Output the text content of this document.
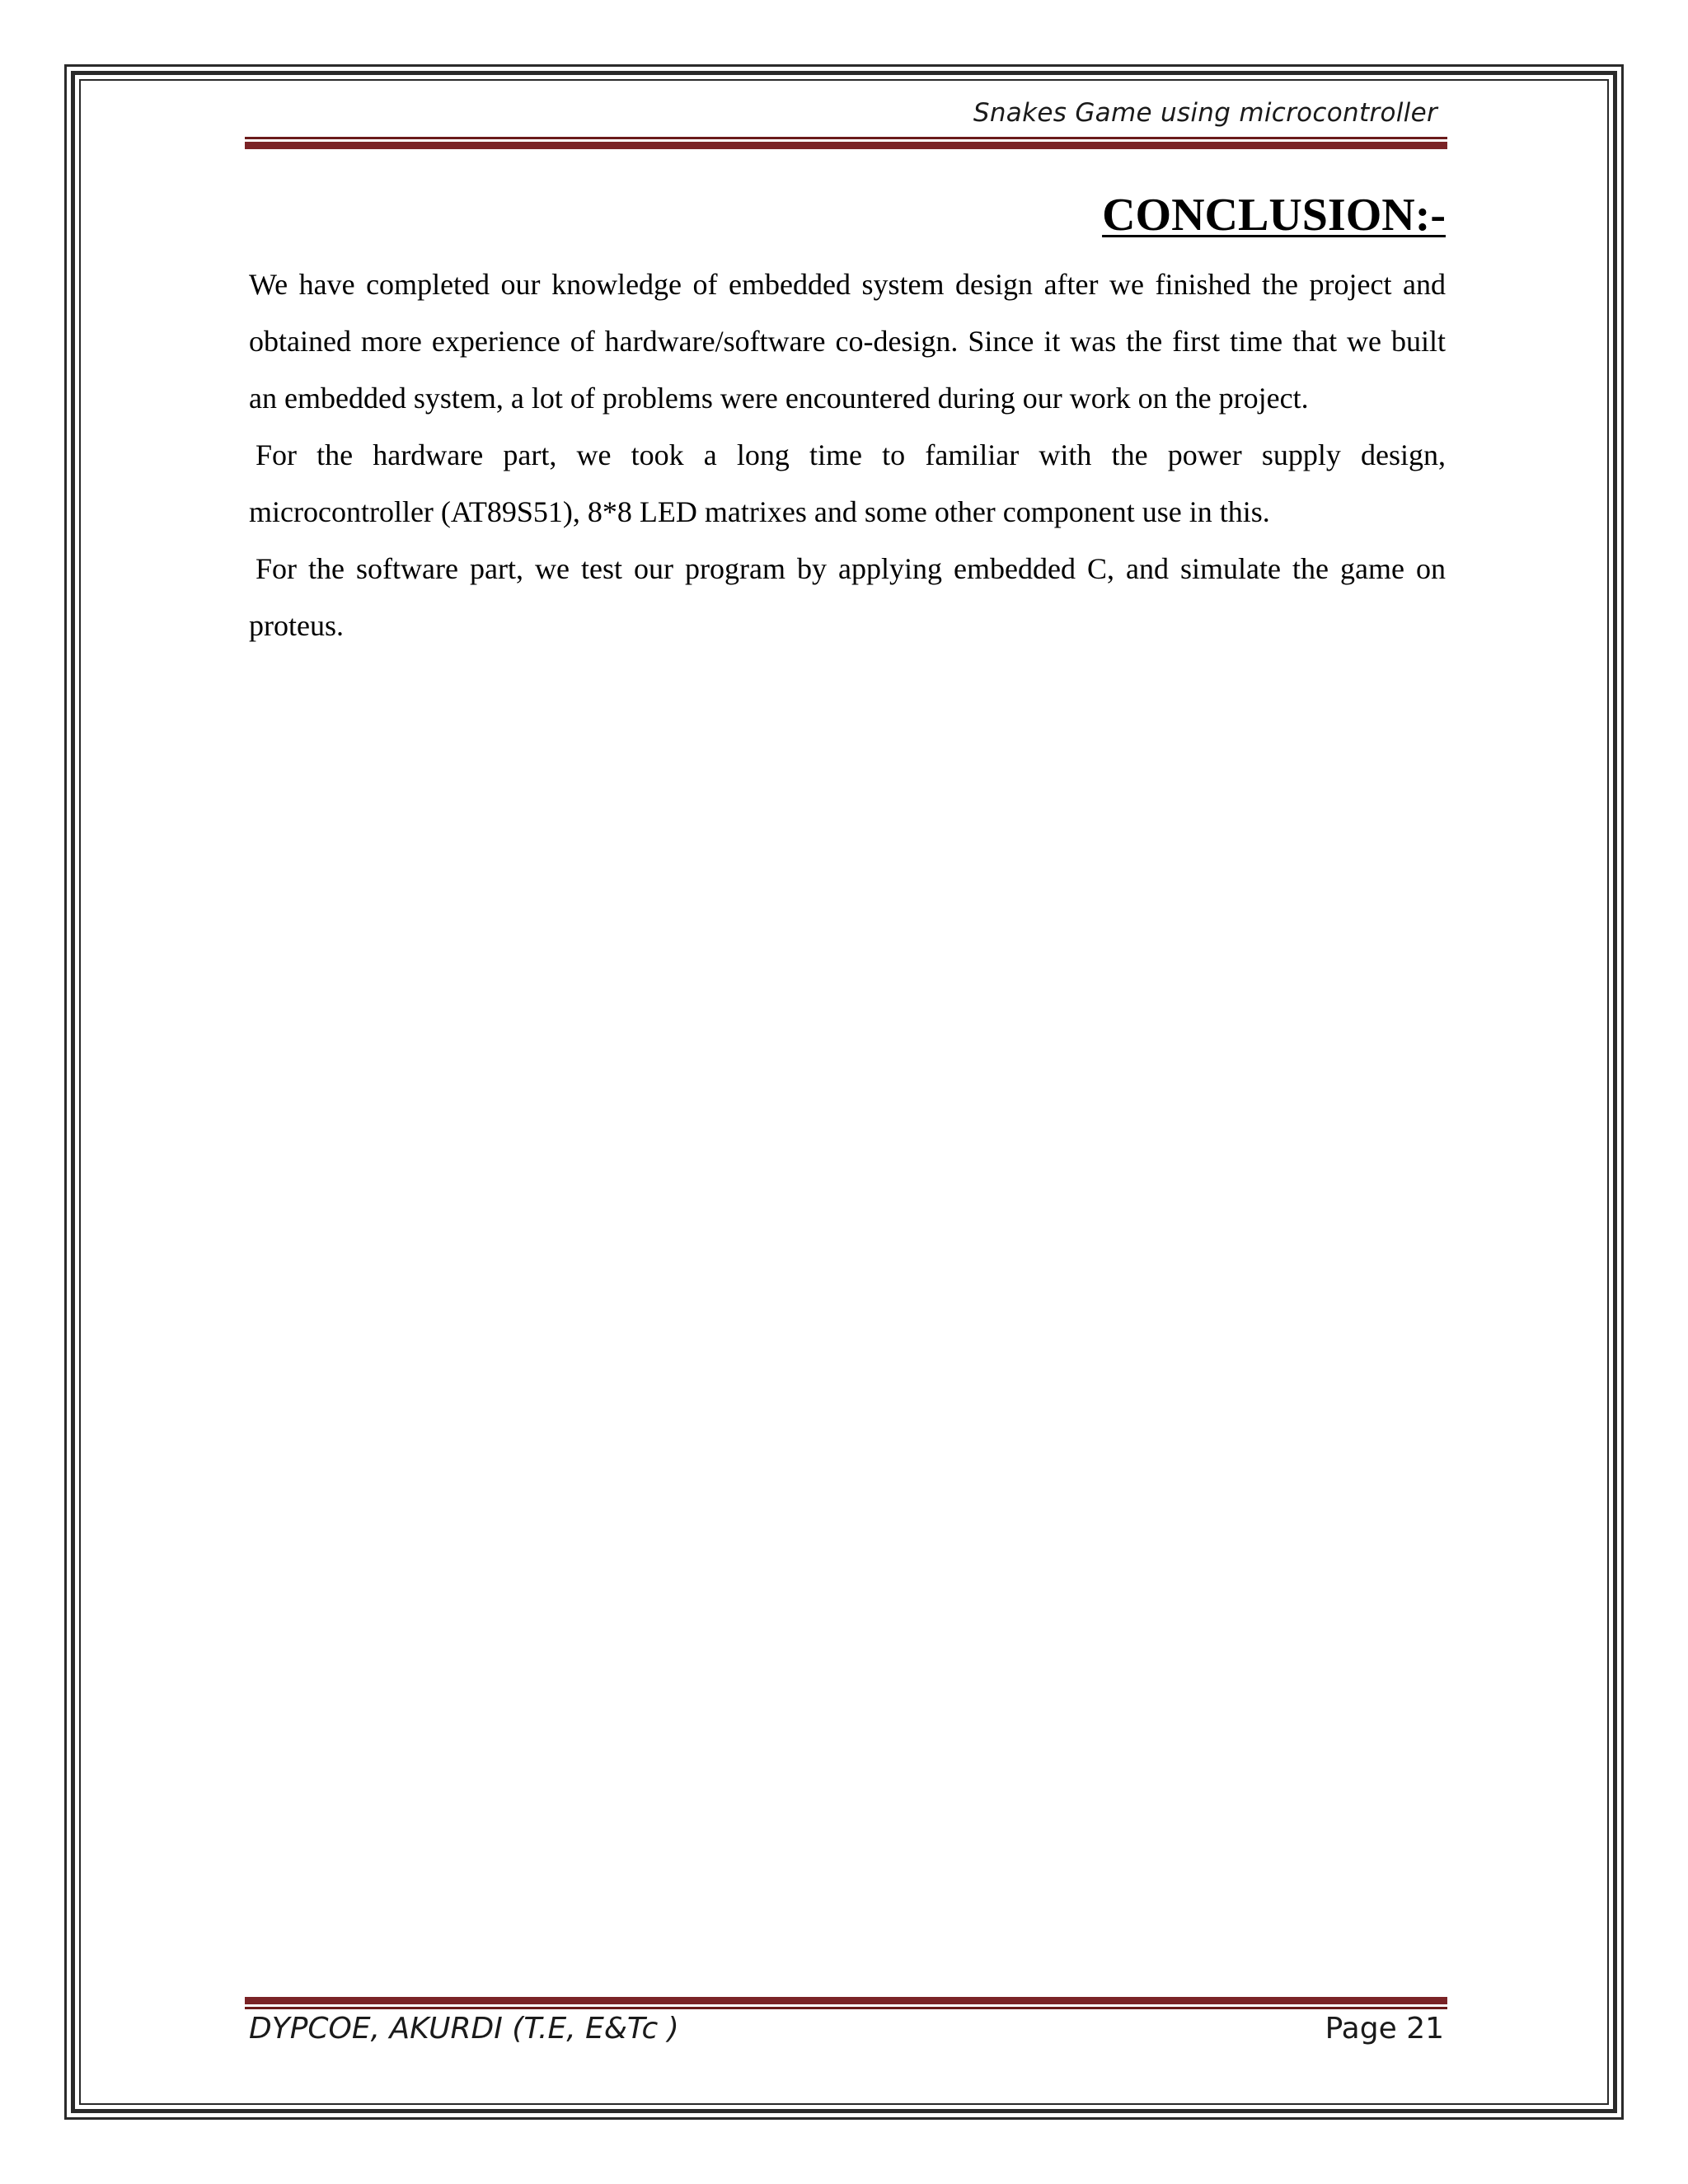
Snakes Game using microcontroller
CONCLUSION:-

We have completed our knowledge of embedded system design after we finished the project and obtained more experience of hardware/software co-design. Since it was the first time that we built an embedded system, a lot of problems were encountered during our work on the project.

For the hardware part, we took a long time to familiar with the power supply design, microcontroller (AT89S51), 8*8 LED matrixes and some other component use in this.

For the software part, we test our program by applying embedded C, and simulate the game on proteus.

DYPCOE, AKURDI (T.E, E&Tc )	Page 21
